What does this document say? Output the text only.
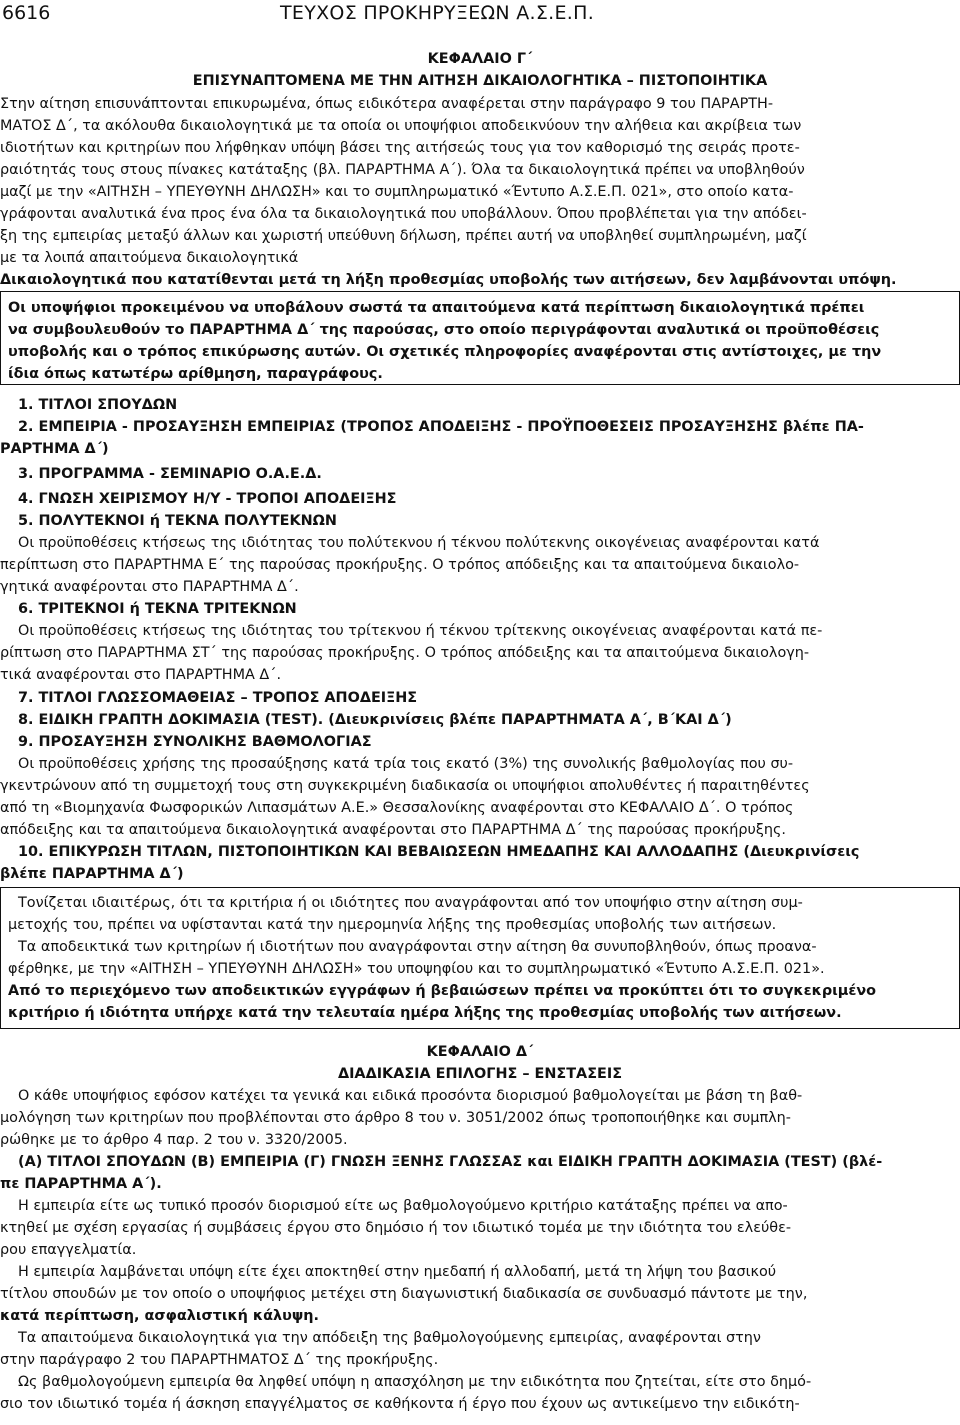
6616	ΤΕΥΧΟΣ ΠΡΟΚΗΡΥΞΕΩΝ Α.Σ.Ε.Π.
ΚΕΦΑΛΑΙΟ Γ΄
ΕΠΙΣΥΝΑΠΤΟΜΕΝΑ ΜΕ ΤΗΝ ΑΙΤΗΣΗ ΔΙΚΑΙΟΛΟΓΗΤΙΚΑ – ΠΙΣΤΟΠΟΙΗΤΙΚΑ
Στην αίτηση επισυνάπτονται επικυρωμένα, όπως ειδικότερα αναφέρεται στην παράγραφο 9 του ΠΑΡΑΡΤΗ-
ΜΑΤΟΣ Δ΄, τα ακόλουθα δικαιολογητικά με τα οποία οι υποψήφιοι αποδεικνύουν την αλήθεια και ακρίβεια των
ιδιοτήτων και κριτηρίων που λήφθηκαν υπόψη βάσει της αιτήσεώς τους για τον καθορισμό της σειράς προτε-
ραιότητάς τους στους πίνακες κατάταξης (βλ. ΠΑΡΑΡΤΗΜΑ Α΄). Όλα τα δικαιολογητικά πρέπει να υποβληθούν
μαζί με την «ΑΙΤΗΣΗ – ΥΠΕΥΘΥΝΗ ΔΗΛΩΣΗ» και το συμπληρωματικό «Έντυπο Α.Σ.Ε.Π. 021», στο οποίο κατα-
γράφονται αναλυτικά ένα προς ένα όλα τα δικαιολογητικά που υποβάλλουν. Όπου προβλέπεται για την απόδει-
ξη της εμπειρίας μεταξύ άλλων και χωριστή υπεύθυνη δήλωση, πρέπει αυτή να υποβληθεί συμπληρωμένη, μαζί
με τα λοιπά απαιτούμενα δικαιολογητικά
Δικαιολογητικά που κατατίθενται μετά τη λήξη προθεσμίας υποβολής των αιτήσεων, δεν λαμβάνονται υπόψη.
Οι υποψήφιοι προκειμένου να υποβάλουν σωστά τα απαιτούμενα κατά περίπτωση δικαιολογητικά πρέπει
να συμβουλευθούν το ΠΑΡΑΡΤΗΜΑ Δ΄ της παρούσας, στο οποίο περιγράφονται αναλυτικά οι προϋποθέσεις
υποβολής και ο τρόπος επικύρωσης αυτών. Οι σχετικές πληροφορίες αναφέρονται στις αντίστοιχες, με την
ίδια όπως κατωτέρω αρίθμηση, παραγράφους.
1. ΤΙΤΛΟΙ ΣΠΟΥΔΩΝ
2. ΕΜΠΕΙΡΙΑ - ΠΡΟΣΑΥΞΗΣΗ ΕΜΠΕΙΡΙΑΣ (ΤΡΟΠΟΣ ΑΠΟΔΕΙΞΗΣ - ΠΡΟΫΠΟΘΕΣΕΙΣ ΠΡΟΣΑΥΞΗΣΗΣ βλέπε ΠΑ-
ΡΑΡΤΗΜΑ Δ΄)
3. ΠΡΟΓΡΑΜΜΑ - ΣΕΜΙΝΑΡΙΟ Ο.Α.Ε.Δ.
4. ΓΝΩΣΗ ΧΕΙΡΙΣΜΟΥ Η/Υ - ΤΡΟΠΟΙ ΑΠΟΔΕΙΞΗΣ
5. ΠΟΛΥΤΕΚΝΟΙ ή ΤΕΚΝΑ ΠΟΛΥΤΕΚΝΩΝ
Οι προϋποθέσεις κτήσεως της ιδιότητας του πολύτεκνου ή τέκνου πολύτεκνης οικογένειας αναφέρονται κατά
περίπτωση στο ΠΑΡΑΡΤΗΜΑ Ε΄ της παρούσας προκήρυξης. Ο τρόπος απόδειξης και τα απαιτούμενα δικαιολο-
γητικά αναφέρονται στο ΠΑΡΑΡΤΗΜΑ Δ΄.
6. ΤΡΙΤΕΚΝΟΙ ή ΤΕΚΝΑ ΤΡΙΤΕΚΝΩΝ
Οι προϋποθέσεις κτήσεως της ιδιότητας του τρίτεκνου ή τέκνου τρίτεκνης οικογένειας αναφέρονται κατά πε-
ρίπτωση στο ΠΑΡΑΡΤΗΜΑ ΣΤ΄ της παρούσας προκήρυξης. Ο τρόπος απόδειξης και τα απαιτούμενα δικαιολογη-
τικά αναφέρονται στο ΠΑΡΑΡΤΗΜΑ Δ΄.
7. ΤΙΤΛΟΙ ΓΛΩΣΣΟΜΑΘΕΙΑΣ – ΤΡΟΠΟΣ ΑΠΟΔΕΙΞΗΣ
8. ΕΙΔΙΚΗ ΓΡΑΠΤΗ ΔΟΚΙΜΑΣΙΑ (TEST). (Διευκρινίσεις βλέπε ΠΑΡΑΡΤΗΜΑΤΑ Α΄, Β΄ΚΑΙ Δ΄)
9. ΠΡΟΣΑΥΞΗΣΗ ΣΥΝΟΛΙΚΗΣ ΒΑΘΜΟΛΟΓΙΑΣ
Οι προϋποθέσεις χρήσης της προσαύξησης κατά τρία τοις εκατό (3%) της συνολικής βαθμολογίας που συ-
γκεντρώνουν από τη συμμετοχή τους στη συγκεκριμένη διαδικασία οι υποψήφιοι απολυθέντες ή παραιτηθέντες
από τη «Βιομηχανία Φωσφορικών Λιπασμάτων Α.Ε.» Θεσσαλονίκης αναφέρονται στο ΚΕΦΑΛΑΙΟ Δ΄. Ο τρόπος
απόδειξης και τα απαιτούμενα δικαιολογητικά αναφέρονται στο ΠΑΡΑΡΤΗΜΑ Δ΄ της παρούσας προκήρυξης.
10. ΕΠΙΚΥΡΩΣΗ ΤΙΤΛΩΝ, ΠΙΣΤΟΠΟΙΗΤΙΚΩΝ ΚΑΙ ΒΕΒΑΙΩΣΕΩΝ ΗΜΕΔΑΠΗΣ ΚΑΙ ΑΛΛΟΔΑΠΗΣ (Διευκρινίσεις
βλέπε ΠΑΡΑΡΤΗΜΑ Δ΄)
Τονίζεται ιδιαιτέρως, ότι τα κριτήρια ή οι ιδιότητες που αναγράφονται από τον υποψήφιο στην αίτηση συμ-
μετοχής του, πρέπει να υφίστανται κατά την ημερομηνία λήξης της προθεσμίας υποβολής των αιτήσεων.
Τα αποδεικτικά των κριτηρίων ή ιδιοτήτων που αναγράφονται στην αίτηση θα συνυποβληθούν, όπως προανα-
φέρθηκε, με την «ΑΙΤΗΣΗ – ΥΠΕΥΘΥΝΗ ΔΗΛΩΣΗ» του υποψηφίου και το συμπληρωματικό «Έντυπο Α.Σ.Ε.Π. 021».
Από το περιεχόμενο των αποδεικτικών εγγράφων ή βεβαιώσεων πρέπει να προκύπτει ότι το συγκεκριμένο
κριτήριο ή ιδιότητα υπήρχε κατά την τελευταία ημέρα λήξης της προθεσμίας υποβολής των αιτήσεων.
ΚΕΦΑΛΑΙΟ Δ΄
ΔΙΑΔΙΚΑΣΙΑ ΕΠΙΛΟΓΗΣ – ΕΝΣΤΑΣΕΙΣ
Ο κάθε υποψήφιος εφόσον κατέχει τα γενικά και ειδικά προσόντα διορισμού βαθμολογείται με βάση τη βαθ-
μολόγηση των κριτηρίων που προβλέπονται στο άρθρο 8 του ν. 3051/2002 όπως τροποποιήθηκε και συμπλη-
ρώθηκε με το άρθρο 4 παρ. 2 του ν. 3320/2005.
(Α) ΤΙΤΛΟΙ ΣΠΟΥΔΩΝ (Β) ΕΜΠΕΙΡΙΑ (Γ) ΓΝΩΣΗ ΞΕΝΗΣ ΓΛΩΣΣΑΣ και ΕΙΔΙΚΗ ΓΡΑΠΤΗ ΔΟΚΙΜΑΣΙΑ (TEST) (βλέ-
πε ΠΑΡΑΡΤΗΜΑ Α΄).
Η εμπειρία είτε ως τυπικό προσόν διορισμού είτε ως βαθμολογούμενο κριτήριο κατάταξης πρέπει να απο-
κτηθεί με σχέση εργασίας ή συμβάσεις έργου στο δημόσιο ή τον ιδιωτικό τομέα με την ιδιότητα του ελεύθε-
ρου επαγγελματία.
Η εμπειρία λαμβάνεται υπόψη είτε έχει αποκτηθεί στην ημεδαπή ή αλλοδαπή, μετά τη λήψη του βασικού
τίτλου σπουδών με τον οποίο ο υποψήφιος μετέχει στη διαγωνιστική διαδικασία σε συνδυασμό πάντοτε με την,
κατά περίπτωση, ασφαλιστική κάλυψη.
Τα απαιτούμενα δικαιολογητικά για την απόδειξη της βαθμολογούμενης εμπειρίας, αναφέρονται στην
στην παράγραφο 2 του ΠΑΡΑΡΤΗΜΑΤΟΣ Δ΄ της προκήρυξης.
Ως βαθμολογούμενη εμπειρία θα ληφθεί υπόψη η απασχόληση με την ειδικότητα που ζητείται, είτε στο δημό-
σιο τον ιδιωτικό τομέα ή άσκηση επαγγέλματος σε καθήκοντα ή έργο που έχουν ως αντικείμενο την ειδικότη-
